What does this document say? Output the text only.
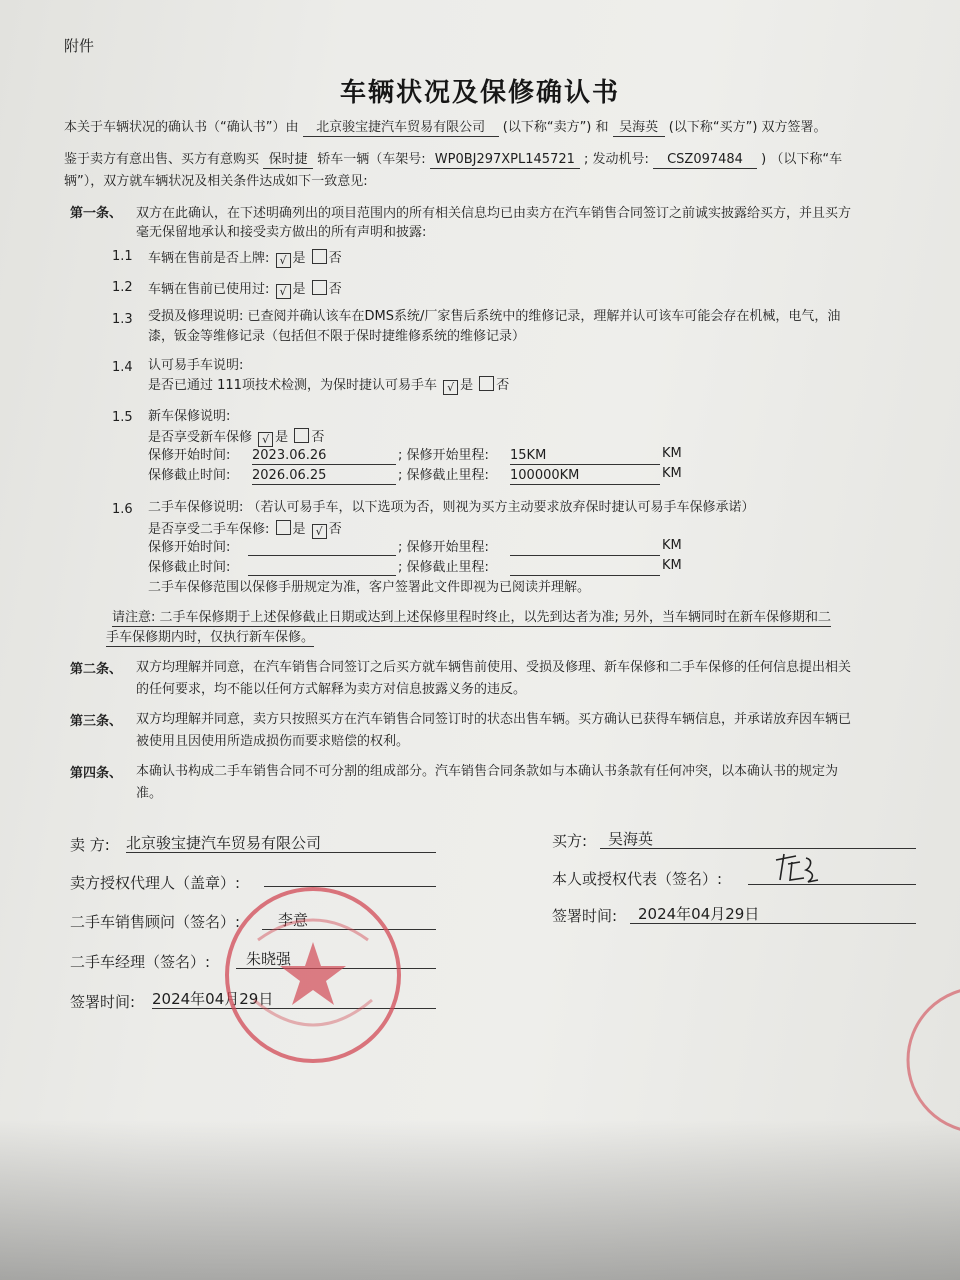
附件
车辆状况及保修确认书
本关于车辆状况的确认书（“确认书”）由 北京骏宝捷汽车贸易有限公司 (以下称“卖方”) 和 吴海英 (以下称“买方”) 双方签署。
鉴于卖方有意出售、买方有意购买 保时捷 轿车一辆（车架号: WP0BJ297XPL145721 ; 发动机号: CSZ097484 ) （以下称“车
辆”），双方就车辆状况及相关条件达成如下一致意见:
第一条、 双方在此确认，在下述明确列出的项目范围内的所有相关信息均已由卖方在汽车销售合同签订之前诚实披露给买方，并且买方
毫无保留地承认和接受卖方做出的所有声明和披露:
1.1 车辆在售前是否上牌: √ 是 否
1.2 车辆在售前已使用过: √ 是 否
1.3 受损及修理说明: 已查阅并确认该车在DMS系统/厂家售后系统中的维修记录，理解并认可该车可能会存在机械，电气，油
漆，钣金等维修记录（包括但不限于保时捷维修系统的维修记录）
1.4 认可易手车说明:
是否已通过 111项技术检测，为保时捷认可易手车 √ 是 否
1.5 新车保修说明:
是否享受新车保修 √ 是 否
保修开始时间: 2023.06.26	; 保修开始里程: 15KM	KM
保修截止时间: 2026.06.25	; 保修截止里程: 100000KM	KM
1.6 二手车保修说明: （若认可易手车，以下选项为否，则视为买方主动要求放弃保时捷认可易手车保修承诺）
是否享受二手车保修: 是 √ 否
保修开始时间:	; 保修开始里程:	KM
保修截止时间:	; 保修截止里程:	KM
二手车保修范围以保修手册规定为准，客户签署此文件即视为已阅读并理解。
请注意: 二手车保修期于上述保修截止日期或达到上述保修里程时终止，以先到达者为准; 另外，当车辆同时在新车保修期和二
手车保修期内时，仅执行新车保修。
第二条、 双方均理解并同意，在汽车销售合同签订之后买方就车辆售前使用、受损及修理、新车保修和二手车保修的任何信息提出相关
的任何要求，均不能以任何方式解释为卖方对信息披露义务的违反。
第三条、 双方均理解并同意，卖方只按照买方在汽车销售合同签订时的状态出售车辆。买方确认已获得车辆信息，并承诺放弃因车辆已
被使用且因使用所造成损伤而要求赔偿的权利。
第四条、 本确认书构成二手车销售合同不可分割的组成部分。汽车销售合同条款如与本确认书条款有任何冲突，以本确认书的规定为
准。
卖 方: 北京骏宝捷汽车贸易有限公司
卖方授权代理人（盖章）:
二手车销售顾问（签名）:	李意
二手车经理（签名）:	朱晓强
签署时间: 2024年04月29日
买方:	吴海英
本人或授权代表（签名）:
签署时间:	2024年04月29日
